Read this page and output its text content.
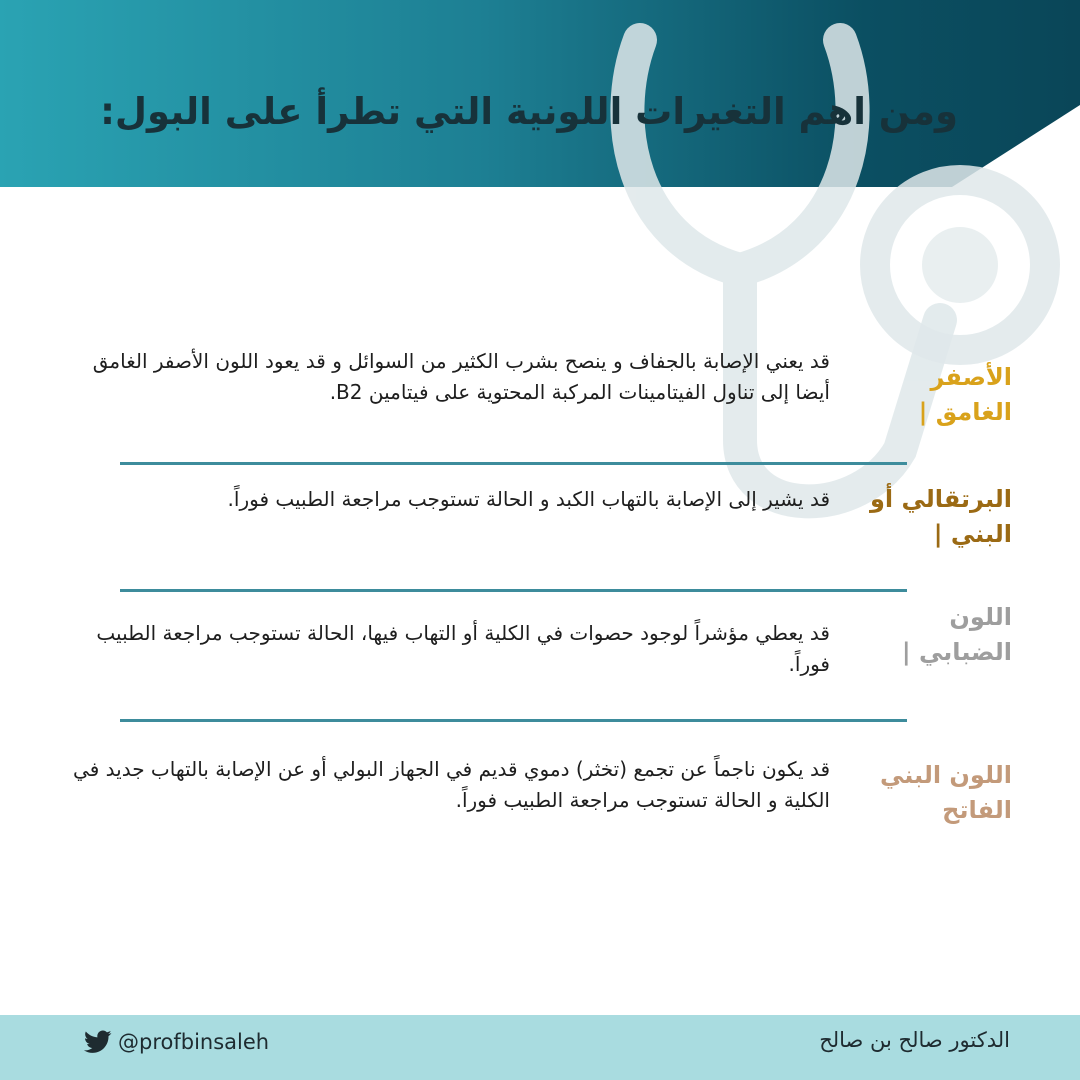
ومن اهم التغيرات اللونية التي تطرأ على البول:
الأصفر الغامق |
قد يعني الإصابة بالجفاف و ينصح بشرب الكثير من السوائل و قد يعود اللون الأصفر الغامق أيضا إلى تناول الفيتامينات المركبة المحتوية على فيتامين B2.
البرتقالي أو البني |
قد يشير إلى الإصابة بالتهاب الكبد و الحالة تستوجب مراجعة الطبيب فوراً.
اللون الضبابي |
قد يعطي مؤشراً لوجود حصوات في الكلية أو التهاب فيها، الحالة تستوجب مراجعة الطبيب فوراً.
اللون البني الفاتح
قد يكون ناجماً عن تجمع (تخثر) دموي قديم في الجهاز البولي أو عن الإصابة بالتهاب جديد في الكلية و الحالة تستوجب مراجعة الطبيب فوراً.
الدكتور صالح بن صالح
@profbinsaleh
